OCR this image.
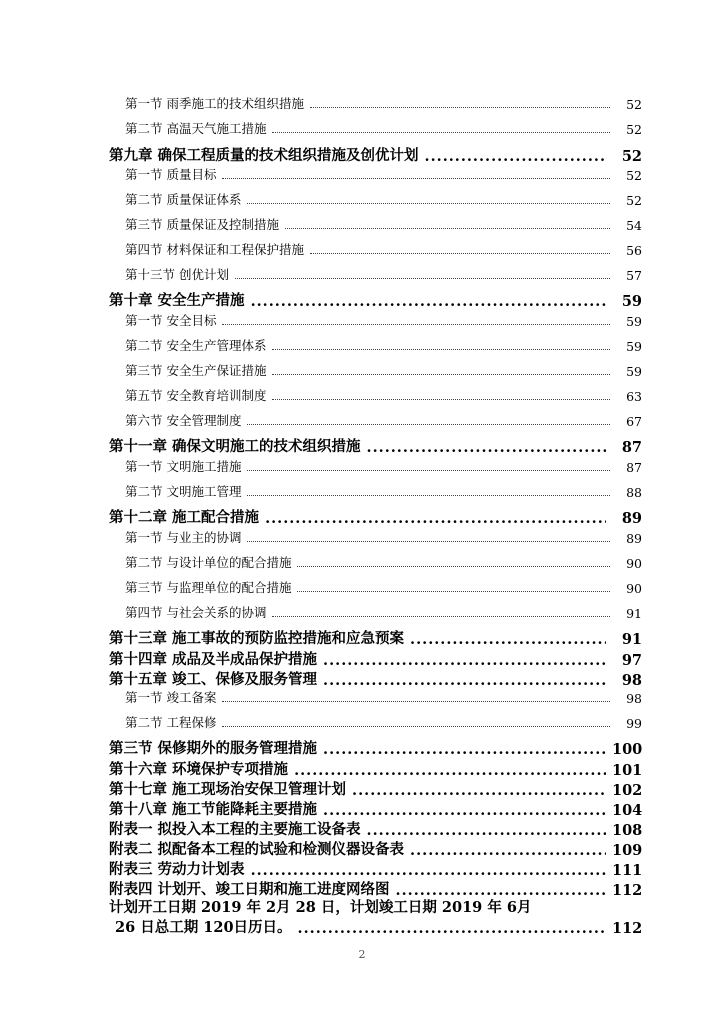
第一节 雨季施工的技术组织措施	52
第二节 高温天气施工措施	52
第九章 确保工程质量的技术组织措施及创优计划 .....	52
第一节 质量目标	52
第二节 质量保证体系	52
第三节 质量保证及控制措施	54
第四节 材料保证和工程保护措施	56
第十三节 创优计划	57
第十章 安全生产措施 .....	59
第一节 安全目标	59
第二节 安全生产管理体系	59
第三节 安全生产保证措施	59
第五节 安全教育培训制度	63
第六节 安全管理制度	67
第十一章 确保文明施工的技术组织措施 .....	87
第一节 文明施工措施	87
第二节 文明施工管理	88
第十二章 施工配合措施 .....	89
第一节 与业主的协调	89
第二节 与设计单位的配合措施	90
第三节 与监理单位的配合措施	90
第四节 与社会关系的协调	91
第十三章 施工事故的预防监控措施和应急预案 .....	91
第十四章 成品及半成品保护措施 .....	97
第十五章 竣工、保修及服务管理 .....	98
第一节 竣工备案	98
第二节 工程保修	99
第三节 保修期外的服务管理措施 .....	100
第十六章 环境保护专项措施 .....	101
第十七章 施工现场治安保卫管理计划 .....	102
第十八章 施工节能降耗主要措施 .....	104
附表一 拟投入本工程的主要施工设备表 .....	108
附表二 拟配备本工程的试验和检测仪器设备表 .....	109
附表三 劳动力计划表 .....	111
附表四 计划开、竣工日期和施工进度网络图 .....	112
计划开工日期 2019 年 2月 28 日，计划竣工日期 2019 年 6月
26 日总工期 120日历日。 .....	112
2
